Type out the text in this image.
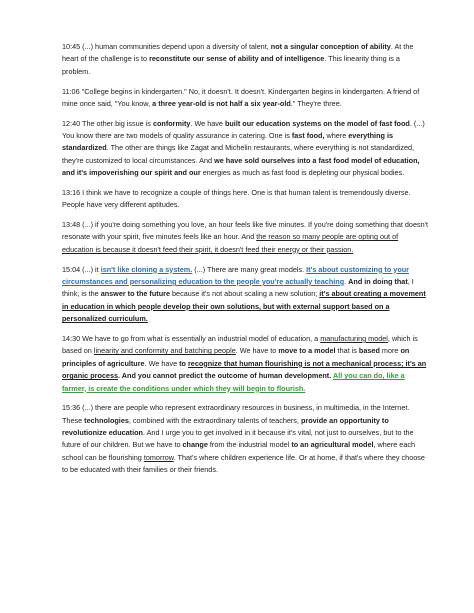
10:45 (...) human communities depend upon a diversity of talent, not a singular conception of ability. At the heart of the challenge is to reconstitute our sense of ability and of intelligence. This linearity thing is a problem.

11:06 "College begins in kindergarten." No, it doesn't. It doesn't. Kindergarten begins in kindergarten. A friend of mine once said, "You know, a three year-old is not half a six year-old." They're three.

12:40 The other big issue is conformity. We have built our education systems on the model of fast food. (...) You know there are two models of quality assurance in catering. One is fast food, where everything is standardized. The other are things like Zagat and Michelin restaurants, where everything is not standardized, they're customized to local circumstances. And we have sold ourselves into a fast food model of education, and it's impoverishing our spirit and our energies as much as fast food is depleting our physical bodies.

13:16 I think we have to recognize a couple of things here. One is that human talent is tremendously diverse. People have very different aptitudes.

13:48 (...) if you're doing something you love, an hour feels like five minutes. If you're doing something that doesn't resonate with your spirit, five minutes feels like an hour. And the reason so many people are opting out of education is because it doesn't feed their spirit, it doesn't feed their energy or their passion.

15:04 (...) it isn't like cloning a system. (...) There are many great models. It's about customizing to your circumstances and personalizing education to the people you're actually teaching. And in doing that, I think, is the answer to the future because it's not about scaling a new solution; it's about creating a movement in education in which people develop their own solutions, but with external support based on a personalized curriculum.

14:30 We have to go from what is essentially an industrial model of education, a manufacturing model, which is based on linearity and conformity and batching people. We have to move to a model that is based more on principles of agriculture. We have to recognize that human flourishing is not a mechanical process; it's an organic process. And you cannot predict the outcome of human development. All you can do, like a farmer, is create the conditions under which they will begin to flourish.

15:36 (...) there are people who represent extraordinary resources in business, in multimedia, in the Internet. These technologies, combined with the extraordinary talents of teachers, provide an opportunity to revolutionize education. And I urge you to get involved in it because it's vital, not just to ourselves, but to the future of our children. But we have to change from the industrial model to an agricultural model, where each school can be flourishing tomorrow. That's where children experience life. Or at home, if that's where they choose to be educated with their families or their friends.
